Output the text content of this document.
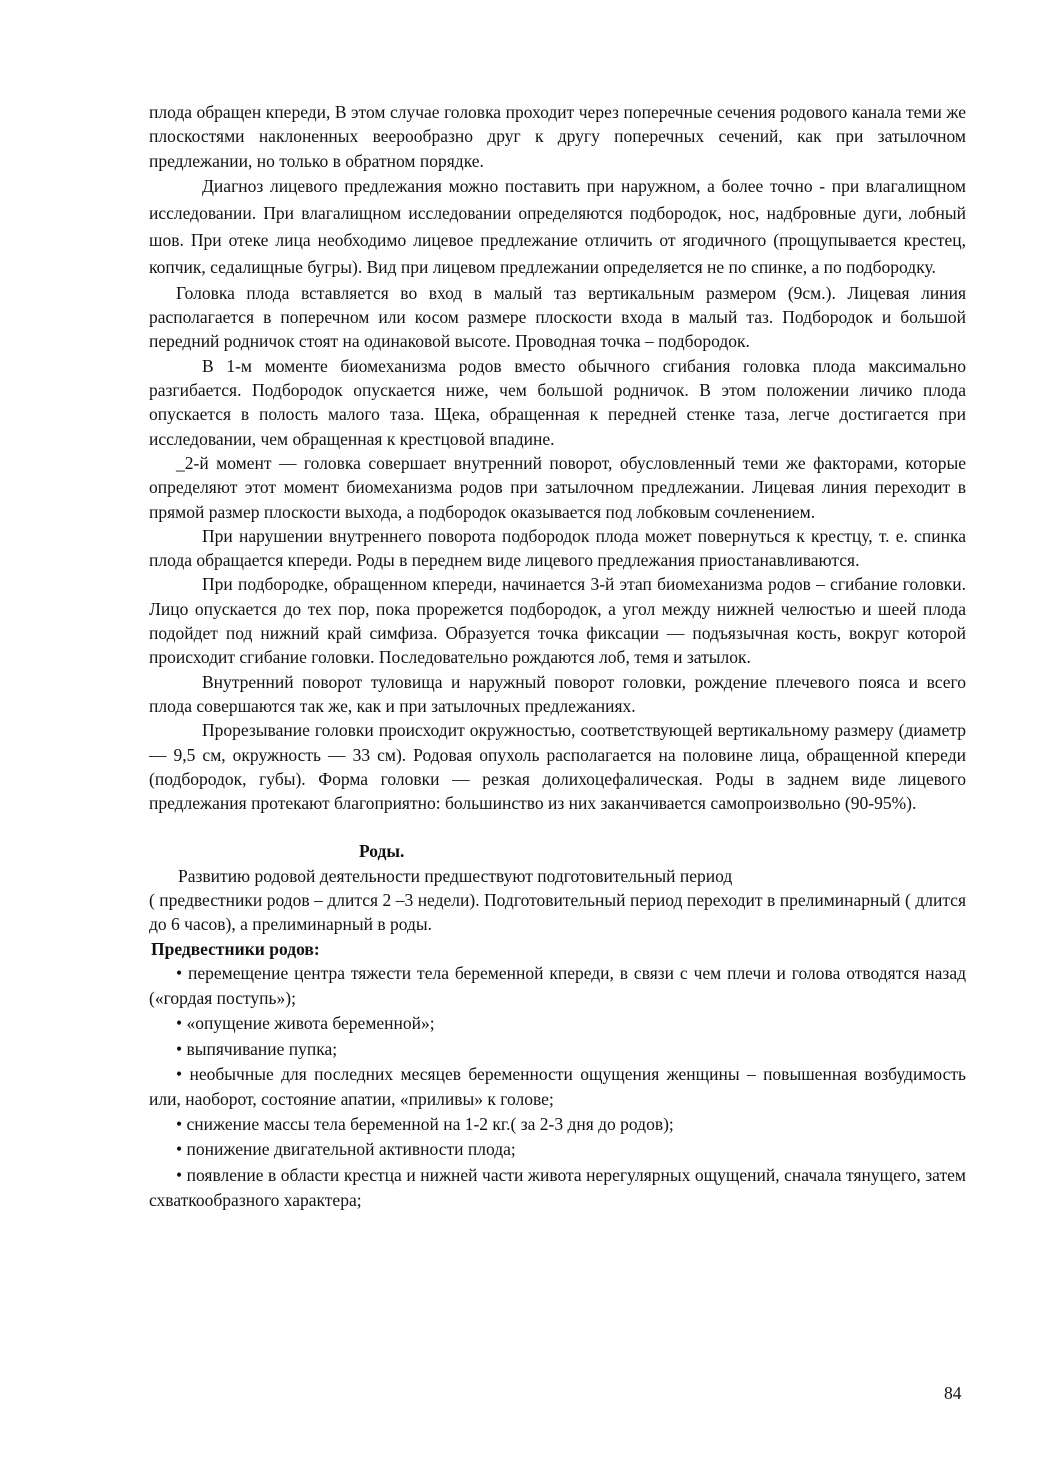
плода обращен кпереди, В этом случае головка проходит через поперечные сечения родового канала теми же плоскостями наклоненных веерообразно друг к другу поперечных сечений, как при затылочном предлежании, но только в обратном порядке.

Диагноз лицевого предлежания можно поставить при наружном, а более точно - при влагалищном исследовании. При влагалищном исследовании определяются подбородок, нос, надбровные дуги, лобный шов. При отеке лица необходимо лицевое предлежание отличить от ягодичного (прощупывается крестец, копчик, седалищные бугры). Вид при лицевом предлежании определяется не по спинке, а по подбородку.

Головка плода вставляется во вход в малый таз вертикальным размером (9см.). Лицевая линия располагается в поперечном или косом размере плоскости входа в малый таз. Подбородок и большой передний родничок стоят на одинаковой высоте. Проводная точка – подбородок.

В 1-м моменте биомеханизма родов вместо обычного сгибания головка плода максимально разгибается. Подбородок опускается ниже, чем большой родничок. В этом положении личико плода опускается в полость малого таза. Щека, обращенная к передней стенке таза, легче достигается при исследовании, чем обращенная к крестцовой впадине.

_2-й момент — головка совершает внутренний поворот, обусловленный теми же факторами, которые определяют этот момент биомеханизма родов при затылочном предлежании. Лицевая линия переходит в прямой размер плоскости выхода, а подбородок оказывается под лобковым сочленением.

При нарушении внутреннего поворота подбородок плода может повернуться к крестцу, т. е. спинка плода обращается кпереди. Роды в переднем виде лицевого предлежания приостанавливаются.

При подбородке, обращенном кпереди, начинается 3-й этап биомеханизма родов – сгибание головки. Лицо опускается до тех пор, пока прорежется подбородок, а угол между нижней челюстью и шеей плода подойдет под нижний край симфиза. Образуется точка фиксации — подъязычная кость, вокруг которой происходит сгибание головки. Последовательно рождаются лоб, темя и затылок.

Внутренний поворот туловища и наружный поворот головки, рождение плечевого пояса и всего плода совершаются так же, как и при затылочных предлежаниях.

Прорезывание головки происходит окружностью, соответствующей вертикальному размеру (диаметр — 9,5 см, окружность — 33 см). Родовая опухоль располагается на половине лица, обращенной кпереди (подбородок, губы). Форма головки — резкая долихоцефалическая. Роды в заднем виде лицевого предлежания протекают благоприятно: большинство из них заканчивается самопроизвольно (90-95%).

Роды.

Развитию родовой деятельности предшествуют подготовительный период

( предвестники родов – длится 2 –3 недели). Подготовительный период переходит в прелиминарный ( длится до 6 часов), а прелиминарный в роды.

Предвестники родов:

• перемещение центра тяжести тела беременной кпереди, в связи с чем плечи и голова отводятся назад («гордая поступь»);

• «опущение живота беременной»;

• выпячивание пупка;

• необычные для последних месяцев беременности ощущения женщины – повышенная возбудимость или, наоборот, состояние апатии, «приливы» к голове;

• снижение массы тела беременной на 1-2 кг.( за 2-3 дня до родов);

• понижение двигательной активности плода;

• появление в области крестца и нижней части живота нерегулярных ощущений, сначала тянущего, затем схваткообразного характера;

84
